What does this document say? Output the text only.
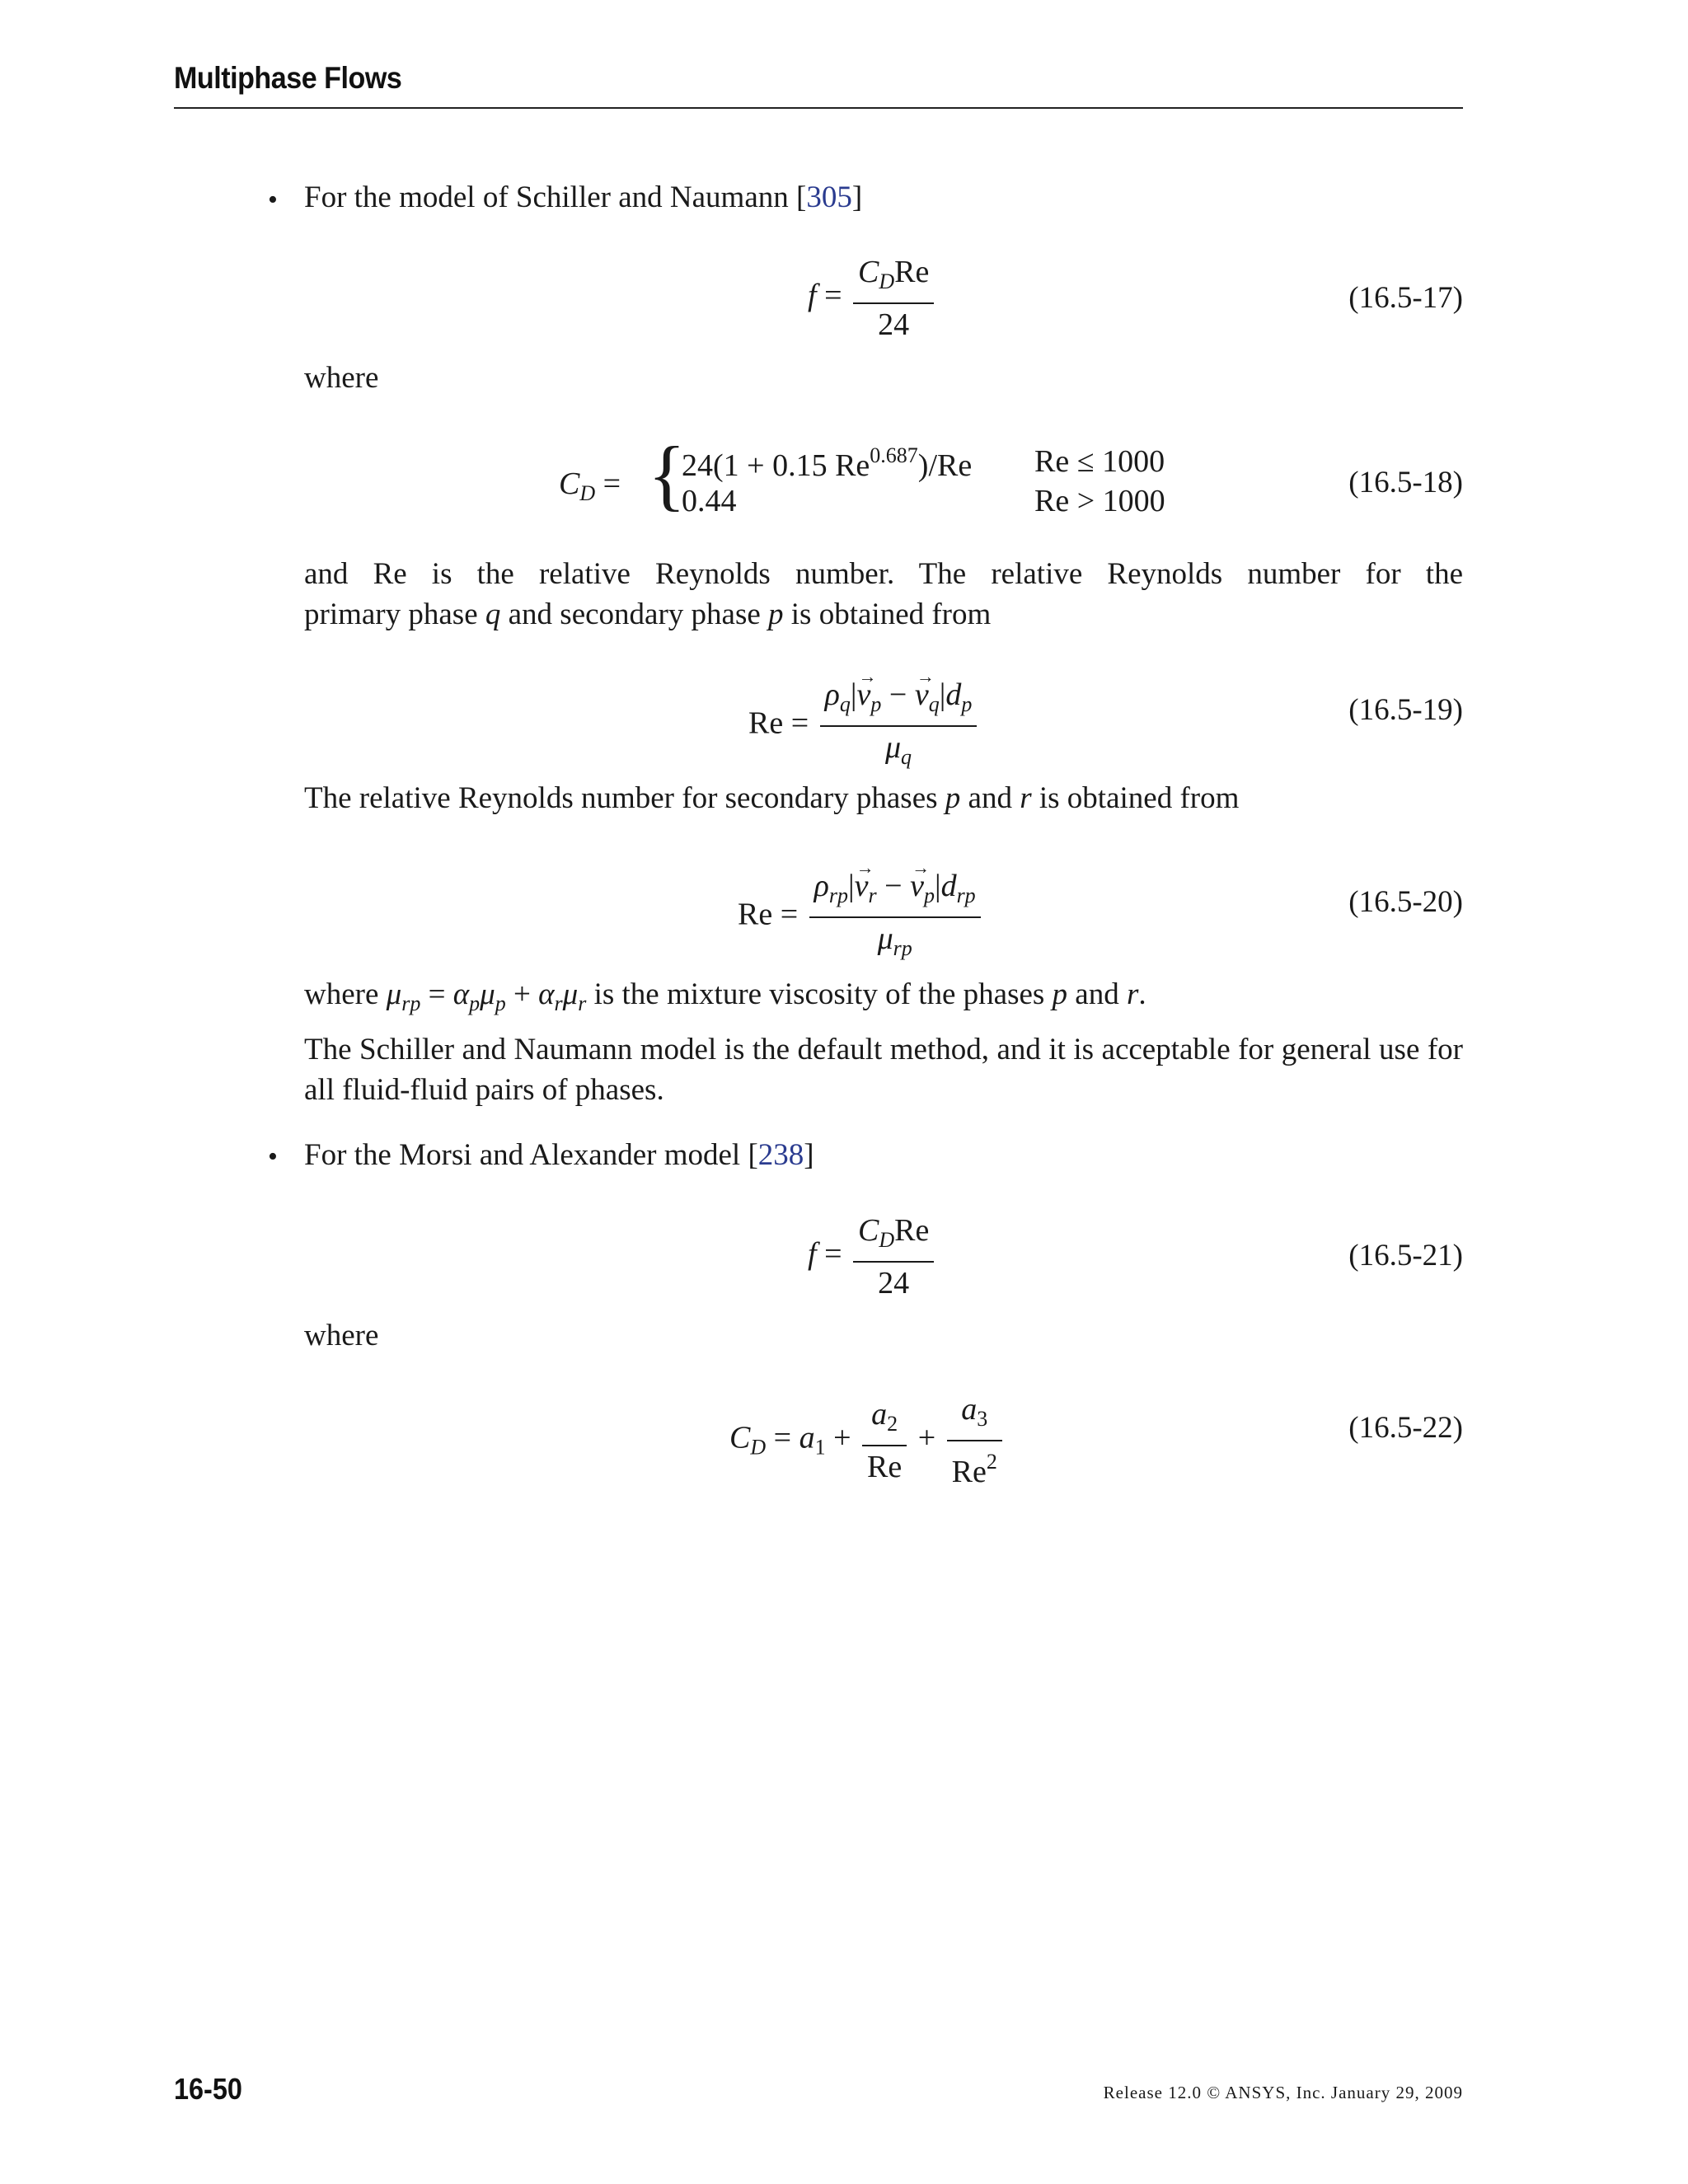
Multiphase Flows
• For the model of Schiller and Naumann [305]
$f = \frac{C_DRe}{24}$	(16.5-17)
where
$C_D$ = {
24(1 + 0.15 $Re^{0.687})/Re$ Re ≤ 1000
0.44	Re > 1000
(16.5-18)
and Re is the relative Reynolds number. The relative Reynolds number for the
primary phase q and secondary phase p is obtained from
$Re = \frac{\rho_q|\to v_p - \to v_q|d_p}{\mu_q}$	(16.5-19)
The relative Reynolds number for secondary phases p and r is obtained from
$Re = \frac{\rho_{rp}|\to v_r - \to v_p|d_{rp}}{\mu_{rp}}$	(16.5-20)
where $\mu_{rp} = \alpha_p\mu_p + \alpha_r\mu_r$ is the mixture viscosity of the phases p and r.
The Schiller and Naumann model is the default method, and it is acceptable for general use for all fluid-fluid pairs of phases.
• For the Morsi and Alexander model [238]
$f = \frac{C_DRe}{24}$	(16.5-21)
where
$C_D = a_1 + \frac{a_2}{Re} + \frac{a_3}{Re^2}$	(16.5-22)
16-50	Release 12.0 © ANSYS, Inc. January 29, 2009
